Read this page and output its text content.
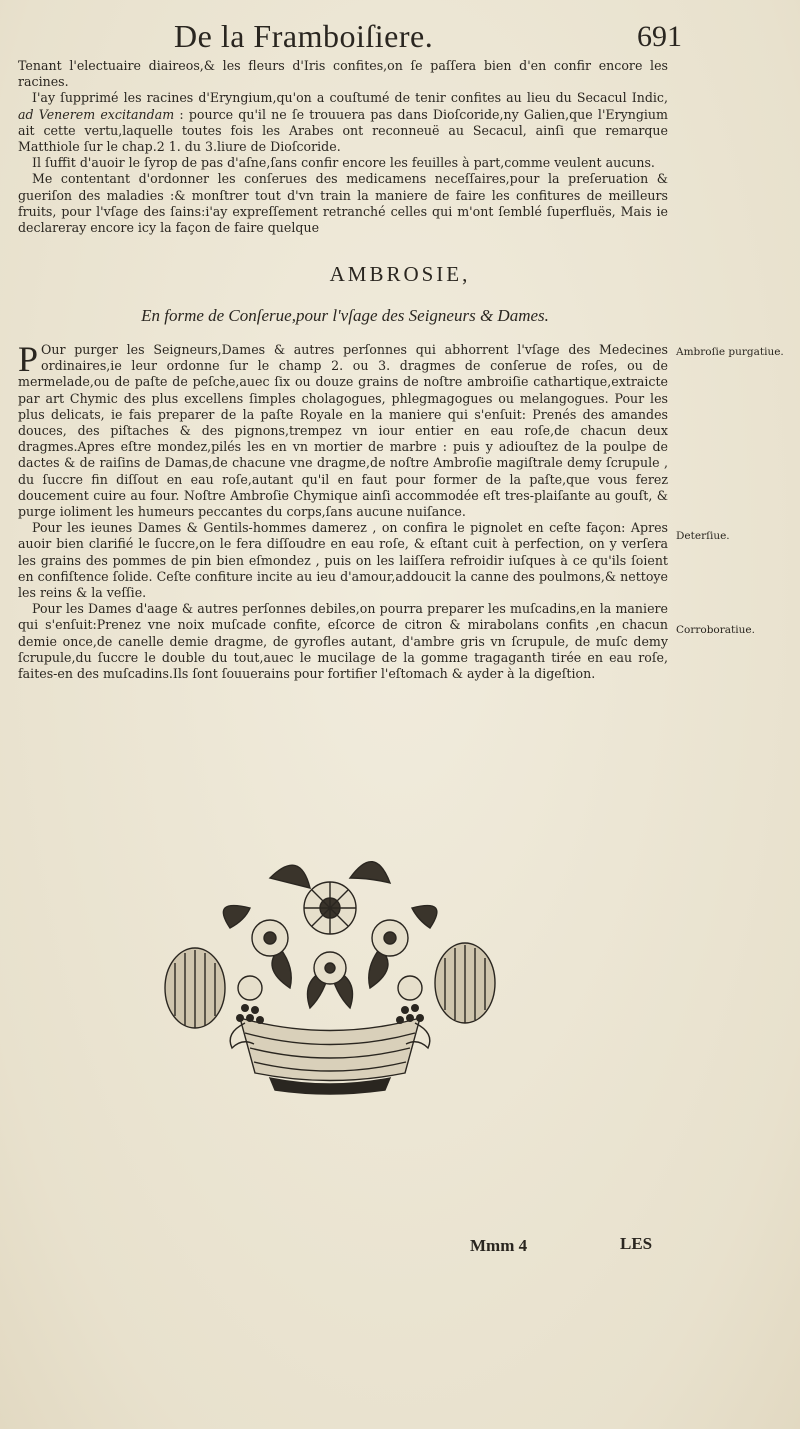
De la Framboiſiere.	691

Tenant l'electuaire diaireos,& les fleurs d'Iris confites,on ſe paſſera bien d'en confir encore les racines.

I'ay ſupprimé les racines d'Eryngium,qu'on a couſtumé de tenir confites au lieu du Secacul Indic, ad Venerem excitandam : pource qu'il ne ſe trouuera pas dans Dioſcoride,ny Galien,que l'Eryngium ait cette vertu,laquelle toutes fois les Arabes ont reconneuë au Secacul, ainſi que remarque Matthiole ſur le chap.2 1. du 3.liure de Dioſcoride.

Il ſuffit d'auoir le ſyrop de pas d'aſne,ſans confir encore les feuilles à part,comme veulent aucuns.

Me contentant d'ordonner les conſerues des medicamens neceſſaires,pour la preſeruation & gueriſon des maladies :& monſtrer tout d'vn train la maniere de faire les confitures de meilleurs fruits, pour l'vſage des ſains:i'ay expreſſement retranché celles qui m'ont ſemblé ſuperfluës, Mais ie declareray encore icy la façon de faire quelque

AMBROSIE,
En forme de Conſerue,pour l'vſage des Seigneurs & Dames.

P Our purger les Seigneurs,Dames & autres perſonnes qui abhorrent l'vſage des Medecines ordinaires,ie leur ordonne ſur le champ 2. ou 3. dragmes de conſerue de roſes, ou de mermelade,ou de paſte de peſche,auec ſix ou douze grains de noſtre ambroiſie cathartique,extraicte par art Chymic des plus excellens ſimples cholagogues, phlegmagogues ou melangogues. Pour les plus delicats, ie fais preparer de la paſte Royale en la maniere qui s'enſuit: Prenés des amandes douces, des piſtaches & des pignons,trempez vn iour entier en eau roſe,de chacun deux dragmes.Apres eſtre mondez,pilés les en vn mortier de marbre : puis y adiouſtez de la poulpe de dactes & de raiſins de Damas,de chacune vne dragme,de noſtre Ambroſie magiſtrale demy ſcrupule , du ſuccre fin diſſout en eau roſe,autant qu'il en faut pour former de la paſte,que vous ferez doucement cuire au four. Noſtre Ambroſie Chymique ainſi accommodée eſt tres-plaiſante au gouſt, & purge ioliment les humeurs peccantes du corps,ſans aucune nuiſance.

Pour les ieunes Dames & Gentils-hommes damerez , on confira le pignolet en ceſte façon: Apres auoir bien clarifié le ſuccre,on le fera diſſoudre en eau roſe, & eſtant cuit à perfection, on y verſera les grains des pommes de pin bien eſmondez , puis on les laiſſera refroidir iuſques à ce qu'ils ſoient en confiſtence ſolide. Ceſte confiture incite au ieu d'amour,addoucit la canne des poulmons,& nettoye les reins & la veſſie.

Pour les Dames d'aage & autres perſonnes debiles,on pourra preparer les muſcadins,en la maniere qui s'enſuit:Prenez vne noix muſcade confite, eſcorce de citron & mirabolans confits ,en chacun demie once,de canelle demie dragme, de gyrofles autant, d'ambre gris vn ſcrupule, de muſc demy ſcrupule,du ſuccre le double du tout,auec le mucilage de la gomme tragaganth tirée en eau roſe, faites-en des muſcadins.Ils ſont ſouuerains pour fortifier l'eſtomach & ayder à la digeſtion.

Ambroſie purgatiue.
Deterſiue.
Corroboratiue.
Mmm 4	LES
